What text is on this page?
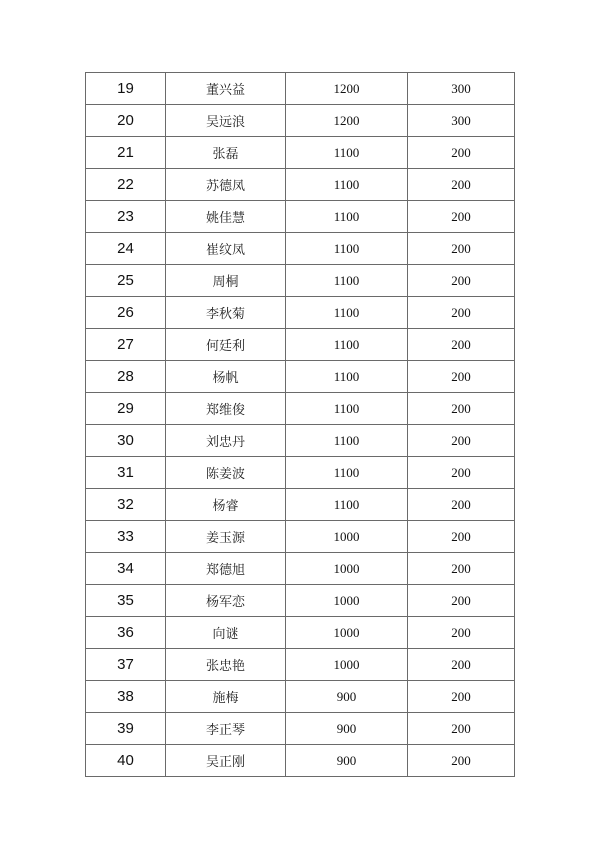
19	董兴益	1200	300
20	吴远浪	1200	300
21	张磊	1100	200
22	苏德凤	1100	200
23	姚佳慧	1100	200
24	崔纹凤	1100	200
25	周桐	1100	200
26	李秋菊	1100	200
27	何廷利	1100	200
28	杨帆	1100	200
29	郑维俊	1100	200
30	刘忠丹	1100	200
31	陈姜波	1100	200
32	杨睿	1100	200
33	姜玉源	1000	200
34	郑德旭	1000	200
35	杨军恋	1000	200
36	向谜	1000	200
37	张忠艳	1000	200
38	施梅	900	200
39	李正琴	900	200
40	吴正刚	900	200
